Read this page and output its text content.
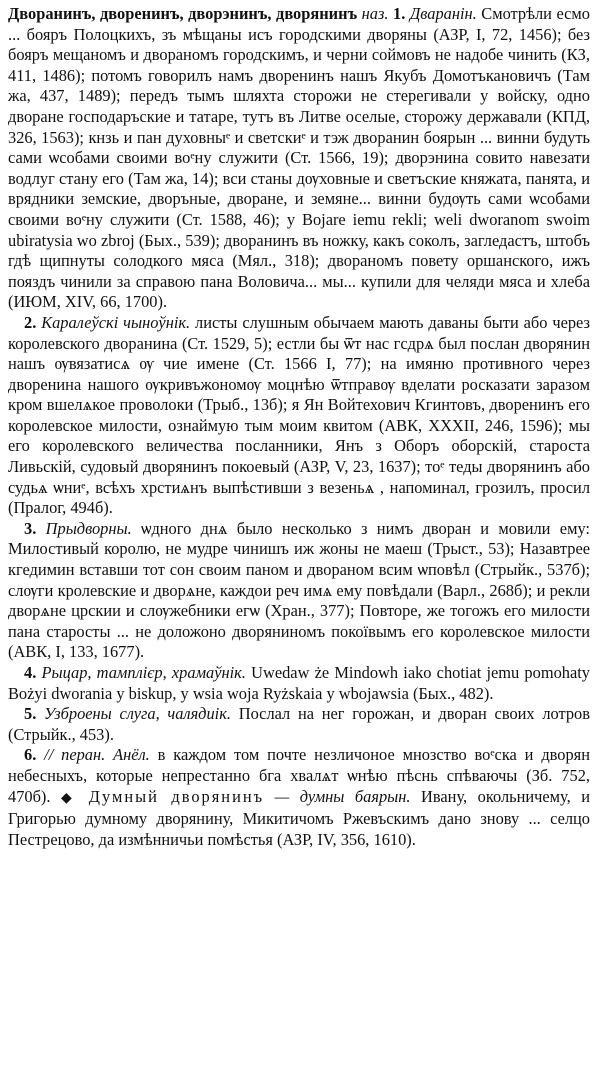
Дворанинъ, двоpенинъ, двоpэнинъ, двоpянинъ наз. 1. Дваранін. Смотрѣли есмо ... бояръ Полоцкихъ, зъ мѣщаны исъ городскими дворяны (АЗР, I, 72, 1456); без бояръ мещаномъ и двораномъ городскимъ, и черни соймовъ не надобе чинить (КЗ, 411, 1486); потомъ говорилъ намъ двоpенинъ нашъ Якубъ Домотъкановичъ (Там жа, 437, 1489); передъ тымъ шляхта сторожи не стерегивали у войску, одно дворане господаръские и татаре, тутъ въ Литве оселые, сторожу державали (КПД, 326, 1563); кнзь и пан духовныᵉ и светскиᵉ и тэж дворанин боярын ... винни будуть сами ѡсобами своими воᵉну служити (Ст. 1566, 19); двоpэнина совито навезати водлуг стану его (Там жа, 14); вси станы дѹховные и светъские княжата, панята, и врядники земские, дворъные, дворане, и земяне... винни будѹть сами ѡсобами своими воᵉну служити (Ст. 1588, 46); y Bojare iemu rekli; weli dworanom swoim ubiratysia wo zbroj (Бых., 539); дворанинъ въ ножку, какъ соколъ, загледастъ, штобъ гдѣ щипнуты солодкого мяса (Мял., 318); двораномъ повету оршанского, ижъ пояздъ чинили за справою пана Воловича... мы... купили для челяди мяса и хлеба (ИЮМ, XIV, 66, 1700).

2. Каралеўскі чыноўнік. листы слушным обычаем мають даваны быти або через королевского дворанина (Ст. 1529, 5); естли бы ѿт нас гсдрѧ был послан дворянин нашъ ѹвязатисѧ ѹ чие имене (Ст. 1566 I, 77); на имяню противного через дворенина нашого ѹкривъжономѹ моцнѣю ѿтправѹ вделати росказати заразом кром вшелѧкое проволоки (Трыб., 13б); я Ян Войтехович Кгинтовъ, двоpенинъ его королевское милости, ознаймую тым моим квитом (АВК, XXXII, 246, 1596); мы его королевского величества посланники, Янъ з Оборъ оборскій, староста Ливьскій, судовый двоpянинъ покоевый (АЗР, V, 23, 1637); тоᵉ теды дворянинъ або судьѧ ѡниᵉ, всѣхъ хрстиѧнъ выпѣстивши з везеньѧ , напоминал, грозилъ, просил (Пралог, 494б).

3. Прыдворны. ѡдного днѧ было несколько з нимъ дворан и мовили ему: Милостивый королю, не мудре чинишъ иж жоны не маеш (Трыст., 53); Назавтрее кгедимин вставши тот сон своим паном и двораном всим ѡповѣл (Стрыйк., 537б); слѹги кролевские и дворѧне, каждои реч имѧ ему повѣдали (Варл., 268б); и рекли дворѧне црскии и слѹжебники егѡ (Хран., 377); Повторе, же тогожъ его милости пана старосты ... не доложоно дворяниномъ покоївымъ его королевское милости (АВК, I, 133, 1677).

4. Рыцар, тамплієр, храмаўнік. Uwedaw że Mindowh iako chotiat jemu pomohaty Bożyi dworania y biskup, y wsia woja Ryżskaia y wbojawsia (Бых., 482).

5. Узброены слуга, чалядиік. Послал на нег горожан, и дворан своих лотров (Стрыйк., 453).

6. // перан. Анёл. в каждом том почте незличоное мнозство воᵉска и дворян небесныхъ, которые непрестанно бга хвалѧт ѡнѣю пѣснь спѣваючы (Зб. 752, 470б). ◆ Думный дворянинъ — думны баярын. Ивану, окольничему, и Григорью думному дворянину, Микитичомъ Ржевъскимъ дано знову ... селцо Пестрецово, да измѣнничьи помѣстья (АЗР, IV, 356, 1610).
